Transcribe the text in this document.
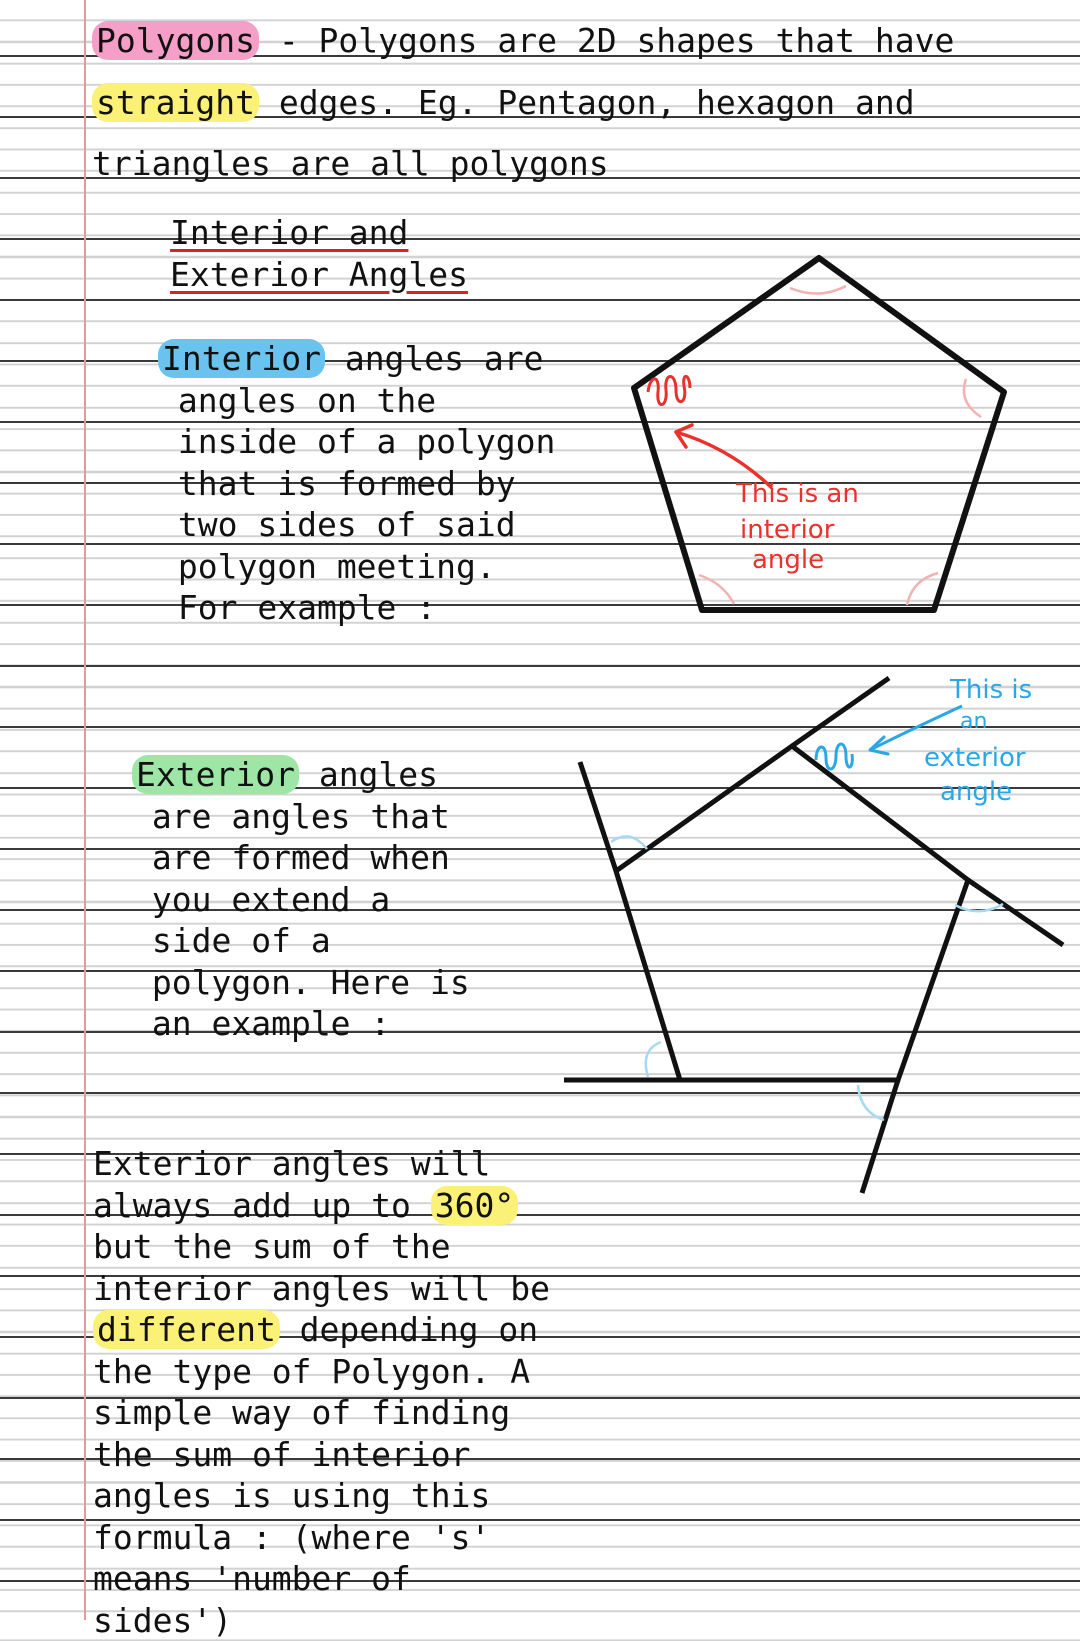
Polygons - Polygons are 2D shapes that have
straight edges. Eg. Pentagon, hexagon and
triangles are all polygons
Interior and
Exterior Angles
Interior angles are
angles on the
inside of a polygon
that is formed by
two sides of said
polygon meeting.
For example :
Exterior angles
are angles that
are formed when
you extend a
side of a
polygon. Here is
an example :
Exterior angles will
always add up to 360°
but the sum of the
interior angles will be
different depending on
the type of Polygon. A
simple way of finding
the sum of interior
angles is using this
formula : (where 's'
means 'number of
sides')
This is an
interior
angle
This is
an
exterior
angle
